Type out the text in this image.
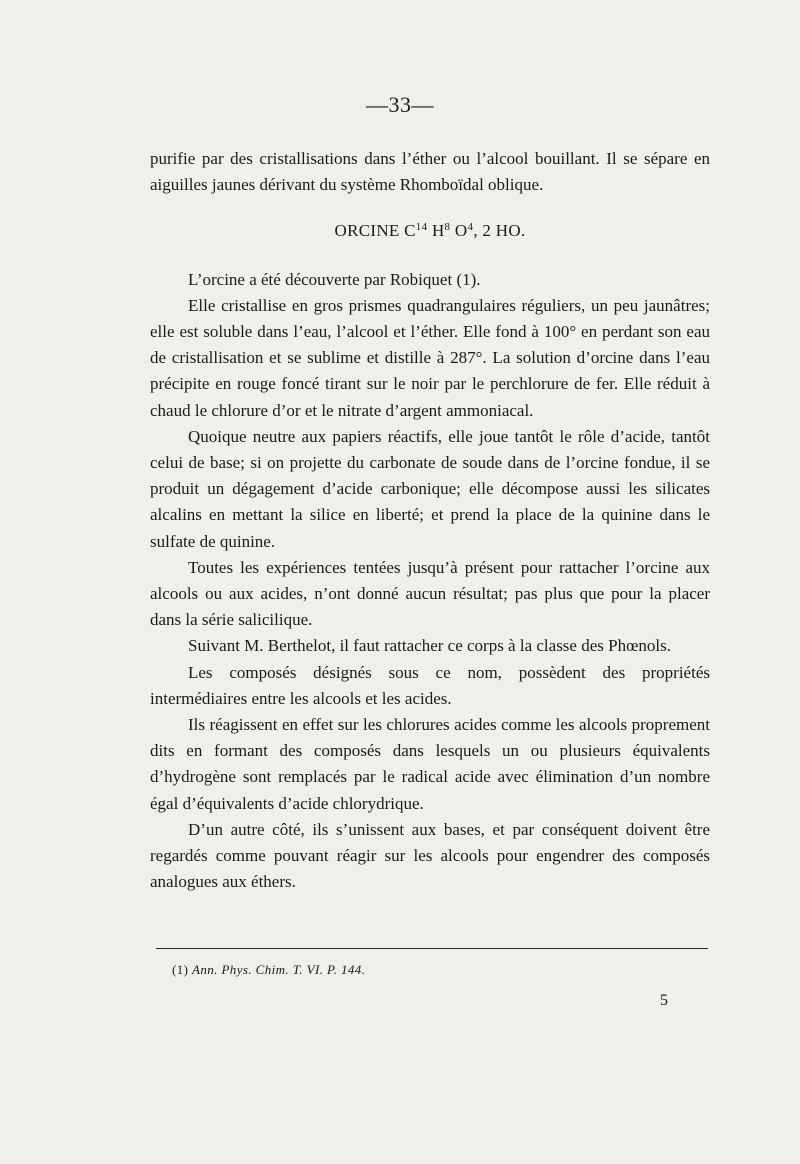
—33—

purifie par des cristallisations dans l’éther ou l’alcool bouillant. Il se sépare en aiguilles jaunes dérivant du système Rhomboïdal oblique.

ORCINE $C^{14}$ $H^8$ $O^4$, 2 HO.

L’orcine a été découverte par Robiquet (1).

Elle cristallise en gros prismes quadrangulaires réguliers, un peu jaunâtres; elle est soluble dans l’eau, l’alcool et l’éther. Elle fond à 100° en perdant son eau de cristallisation et se sublime et distille à 287°. La solution d’orcine dans l’eau précipite en rouge foncé tirant sur le noir par le perchlorure de fer. Elle réduit à chaud le chlorure d’or et le nitrate d’argent ammoniacal.

Quoique neutre aux papiers réactifs, elle joue tantôt le rôle d’acide, tantôt celui de base; si on projette du carbonate de soude dans de l’orcine fondue, il se produit un dégagement d’acide carbonique; elle décompose aussi les silicates alcalins en mettant la silice en liberté; et prend la place de la quinine dans le sulfate de quinine.

Toutes les expériences tentées jusqu’à présent pour rattacher l’orcine aux alcools ou aux acides, n’ont donné aucun résultat; pas plus que pour la placer dans la série salicilique.

Suivant M. Berthelot, il faut rattacher ce corps à la classe des Phœnols.

Les composés désignés sous ce nom, possèdent des propriétés intermédiaires entre les alcools et les acides.

Ils réagissent en effet sur les chlorures acides comme les alcools proprement dits en formant des composés dans lesquels un ou plusieurs équivalents d’hydrogène sont remplacés par le radical acide avec élimination d’un nombre égal d’équivalents d’acide chlorydrique.

D’un autre côté, ils s’unissent aux bases, et par conséquent doivent être regardés comme pouvant réagir sur les alcools pour engendrer des composés analogues aux éthers.

(1) Ann. Phys. Chim. T. VI. P. 144.
5
